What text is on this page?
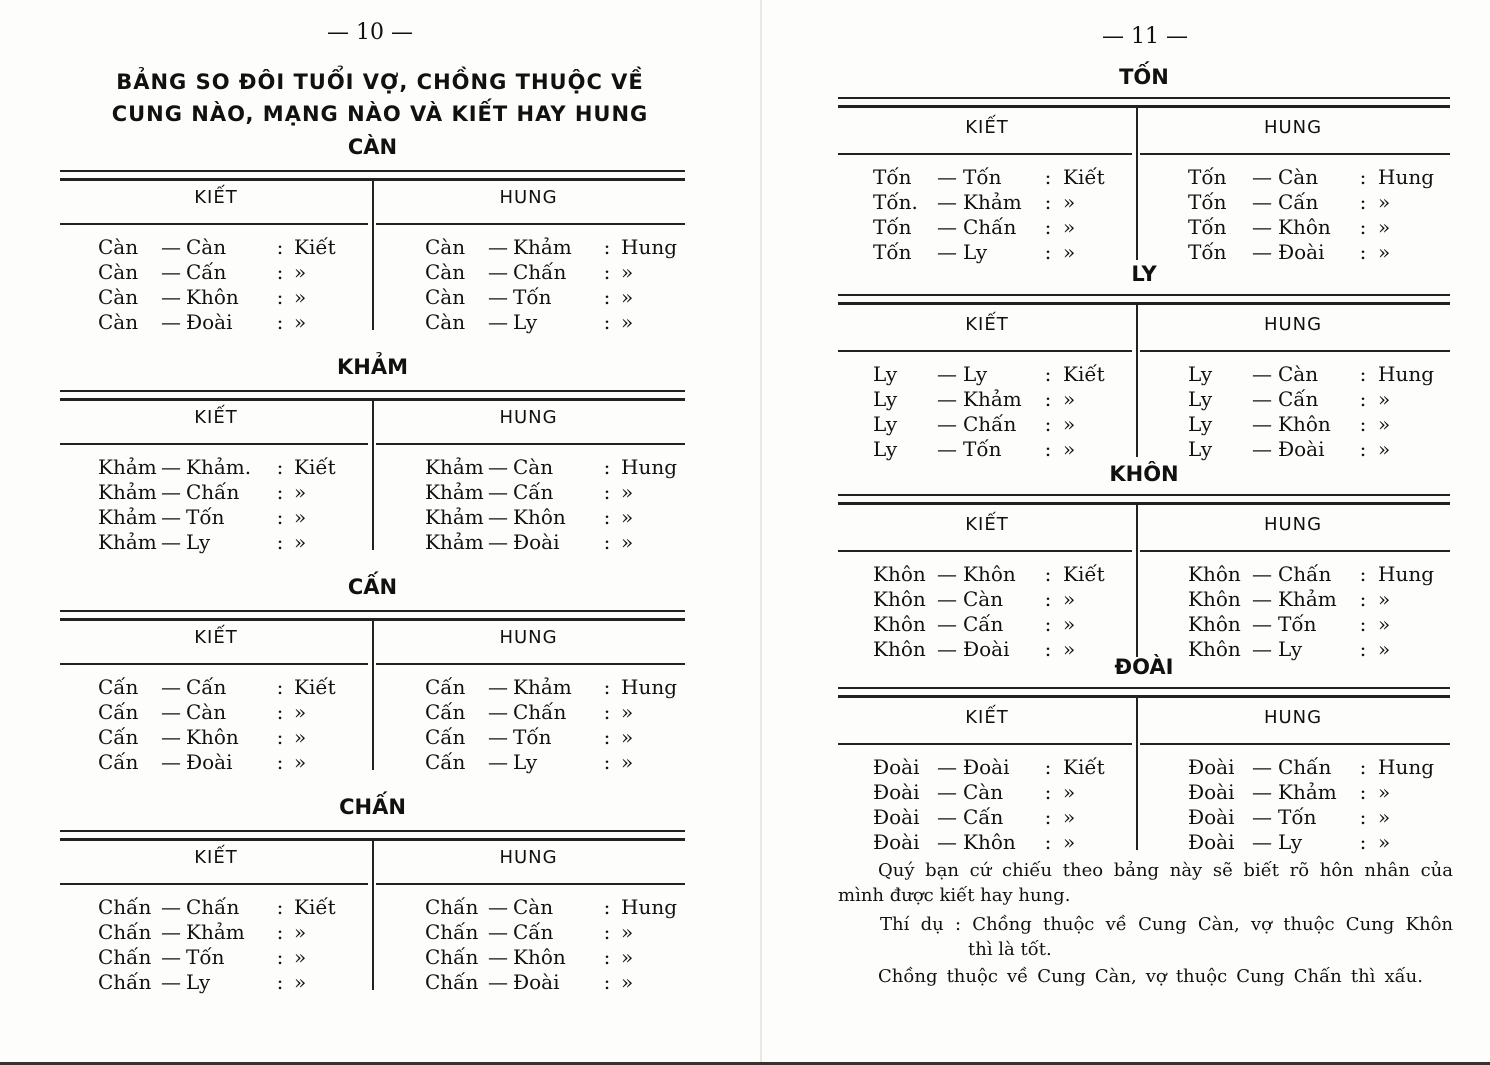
— 10 —
BẢNG SO ĐÔI TUỔI VỢ, CHỒNG THUỘC VỀ
CUNG NÀO, MẠNG NÀO VÀ KIẾT HAY HUNG
CÀN
KIẾT	HUNG
Càn	— Càn	: Kiết
Càn	— Cấn	: »
Càn	— Khôn	: »
Càn	— Đoài	: »
Càn	— Khảm	: Hung
Càn	— Chấn	: »
Càn	— Tốn	: »
Càn	— Ly	: »
KHẢM
KIẾT	HUNG
Khảm — Khảm.	: Kiết
Khảm — Chấn	: »
Khảm — Tốn	: »
Khảm — Ly	: »
Khảm — Càn	: Hung
Khảm — Cấn	: »
Khảm — Khôn	: »
Khảm — Đoài	: »
CẤN
KIẾT	HUNG
Cấn	— Cấn	: Kiết
Cấn	— Càn	: »
Cấn	— Khôn	: »
Cấn	— Đoài	: »
Cấn	— Khảm	: Hung
Cấn	— Chấn	: »
Cấn	— Tốn	: »
Cấn	— Ly	: »
CHẤN
KIẾT	HUNG
Chấn — Chấn	: Kiết
Chấn — Khảm	: »
Chấn — Tốn	: »
Chấn — Ly	: »
Chấn — Càn	: Hung
Chấn — Cấn	: »
Chấn — Khôn	: »
Chấn — Đoài	: »
— 11 —
TỐN
KIẾT	HUNG
Tốn	— Tốn	: Kiết
Tốn. — Khảm	: »
Tốn	— Chấn	: »
Tốn	— Ly	: »
Tốn	— Càn	: Hung
Tốn	— Cấn	: »
Tốn	— Khôn	: »
Tốn	— Đoài	: »
LY
KIẾT	HUNG
Ly	— Ly	: Kiết
Ly	— Khảm	: »
Ly	— Chấn	: »
Ly	— Tốn	: »
Ly	— Càn	: Hung
Ly	— Cấn	: »
Ly	— Khôn	: »
Ly	— Đoài	: »
KHÔN
KIẾT	HUNG
Khôn — Khôn	: Kiết
Khôn — Càn	: »
Khôn — Cấn	: »
Khôn — Đoài	: »
Khôn — Chấn	: Hung
Khôn — Khảm	: »
Khôn — Tốn	: »
Khôn — Ly	: »
ĐOÀI
KIẾT	HUNG
Đoài — Đoài	: Kiết
Đoài — Càn	: »
Đoài — Cấn	: »
Đoài — Khôn	: »
Đoài — Chấn	: Hung
Đoài — Khảm	: »
Đoài — Tốn	: »
Đoài — Ly	: »
Quý bạn cứ chiếu theo bảng này sẽ biết rõ hôn nhân của
mình được kiết hay hung.
Thí dụ : Chồng thuộc về Cung Càn, vợ thuộc Cung Khôn
thì là tốt.
Chồng thuộc về Cung Càn, vợ thuộc Cung Chấn thì xấu.
